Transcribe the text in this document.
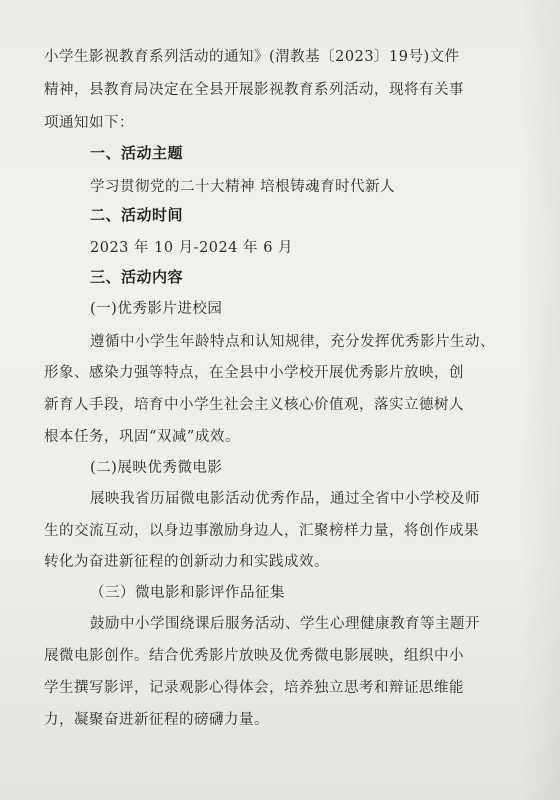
小学生影视教育系列活动的通知》(渭教基〔2023〕19号)文件
精神，县教育局决定在全县开展影视教育系列活动，现将有关事
项通知如下：
一、活动主题
学习贯彻党的二十大精神 培根铸魂育时代新人
二、活动时间
2023 年 10 月-2024 年 6 月
三、活动内容
(一)优秀影片进校园
遵循中小学生年龄特点和认知规律，充分发挥优秀影片生动、
形象、感染力强等特点，在全县中小学校开展优秀影片放映，创
新育人手段，培育中小学生社会主义核心价值观，落实立德树人
根本任务，巩固“双减”成效。
(二)展映优秀微电影
展映我省历届微电影活动优秀作品，通过全省中小学校及师
生的交流互动，以身边事激励身边人，汇聚榜样力量，将创作成果
转化为奋进新征程的创新动力和实践成效。
（三）微电影和影评作品征集
鼓励中小学围绕课后服务活动、学生心理健康教育等主题开
展微电影创作。结合优秀影片放映及优秀微电影展映，组织中小
学生撰写影评，记录观影心得体会，培养独立思考和辩证思维能
力，凝聚奋进新征程的磅礴力量。
